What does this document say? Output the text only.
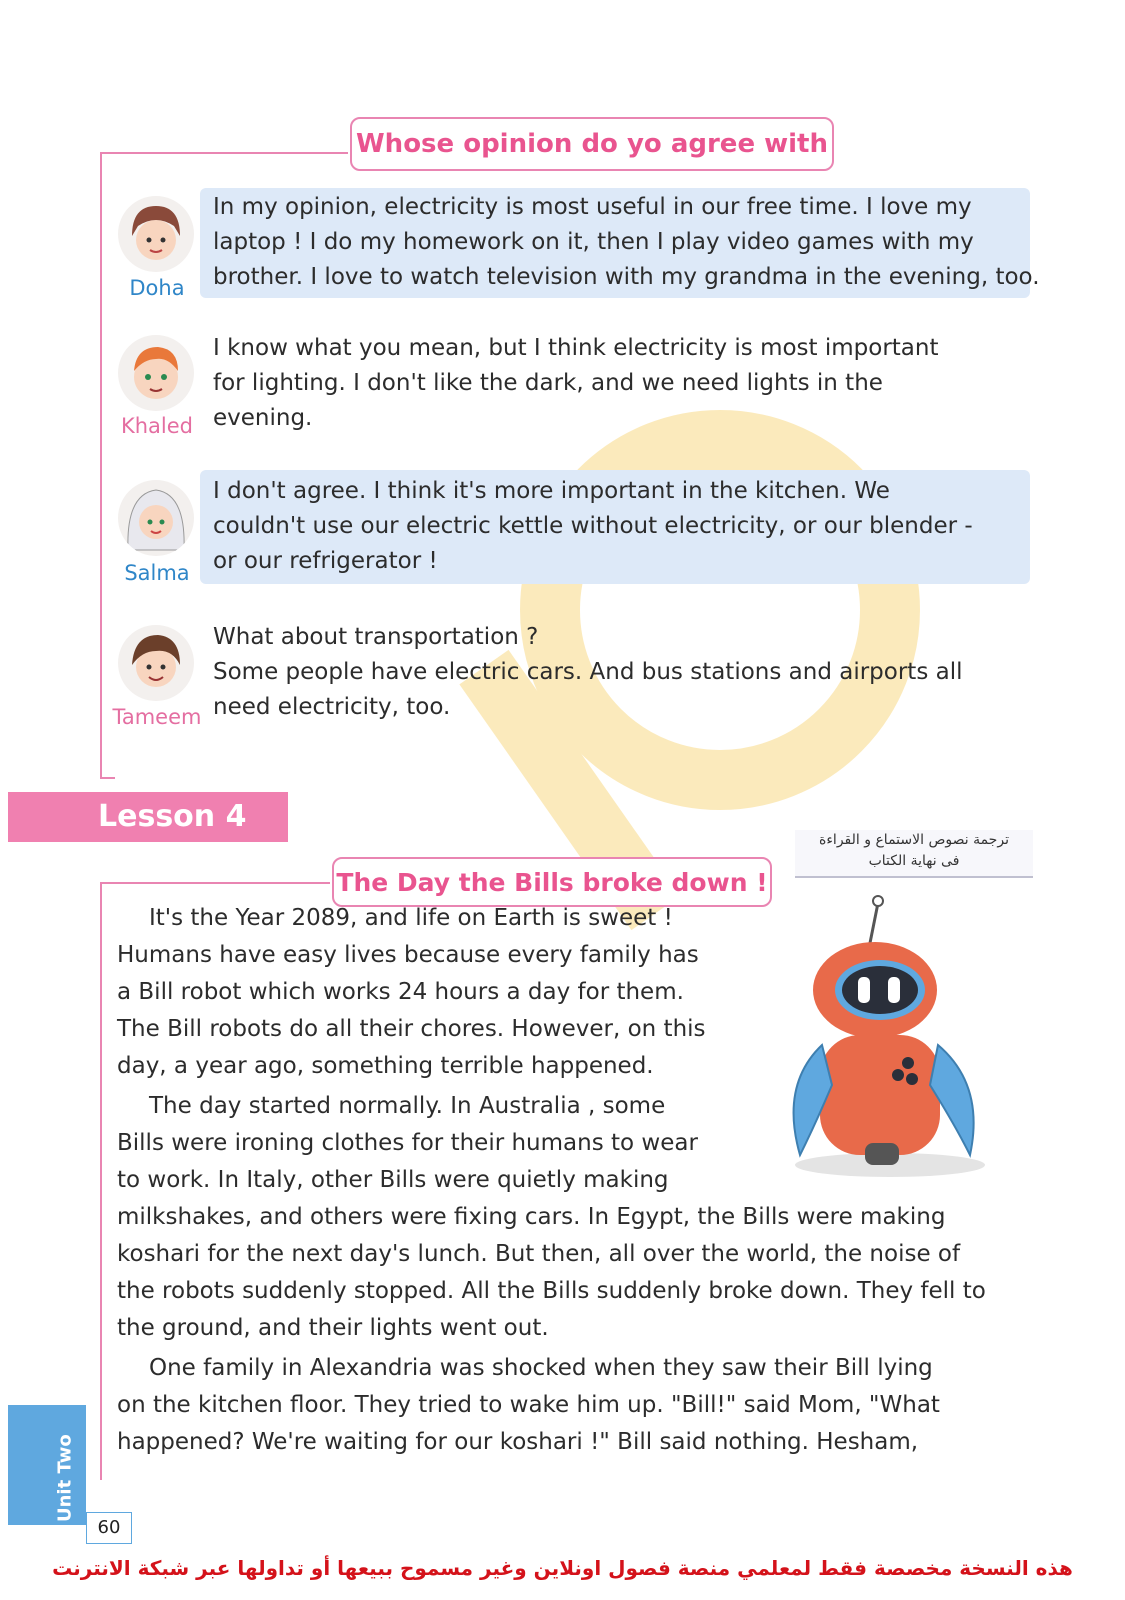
Whose opinion do yo agree with
Doha
In my opinion, electricity is most useful in our free time. I love my
laptop ! I do my homework on it, then I play video games with my
brother. I love to watch television with my grandma in the evening, too.
Khaled
I know what you mean, but I think electricity is most important
for lighting. I don't like the dark, and we need lights in the
evening.
Salma
I don't agree. I think it's more important in the kitchen. We
couldn't use our electric kettle without electricity, or our blender -
or our refrigerator !
Tameem
What about transportation ?
Some people have electric cars. And bus stations and airports all
need electricity, too.
Lesson 4
ترجمة نصوص الاستماع و القراءة
فى نهاية الكتاب
The Day the Bills broke down !
It's the Year 2089, and life on Earth is sweet !
Humans have easy lives because every family has
a Bill robot which works 24 hours a day for them.
The Bill robots do all their chores. However, on this
day, a year ago, something terrible happened.
The day started normally. In Australia , some
Bills were ironing clothes for their humans to wear
to work. In Italy, other Bills were quietly making
milkshakes, and others were fixing cars. In Egypt, the Bills were making
koshari for the next day's lunch. But then, all over the world, the noise of
the robots suddenly stopped. All the Bills suddenly broke down. They fell to
the ground, and their lights went out.
One family in Alexandria was shocked when they saw their Bill lying
on the kitchen floor. They tried to wake him up. "Bill!" said Mom, "What
happened? We're waiting for our koshari !" Bill said nothing. Hesham,
Unit Two
60
هذه النسخة مخصصة فقط لمعلمي منصة فصول اونلاين وغير مسموح ببيعها أو تداولها عبر شبكة الانترنت
